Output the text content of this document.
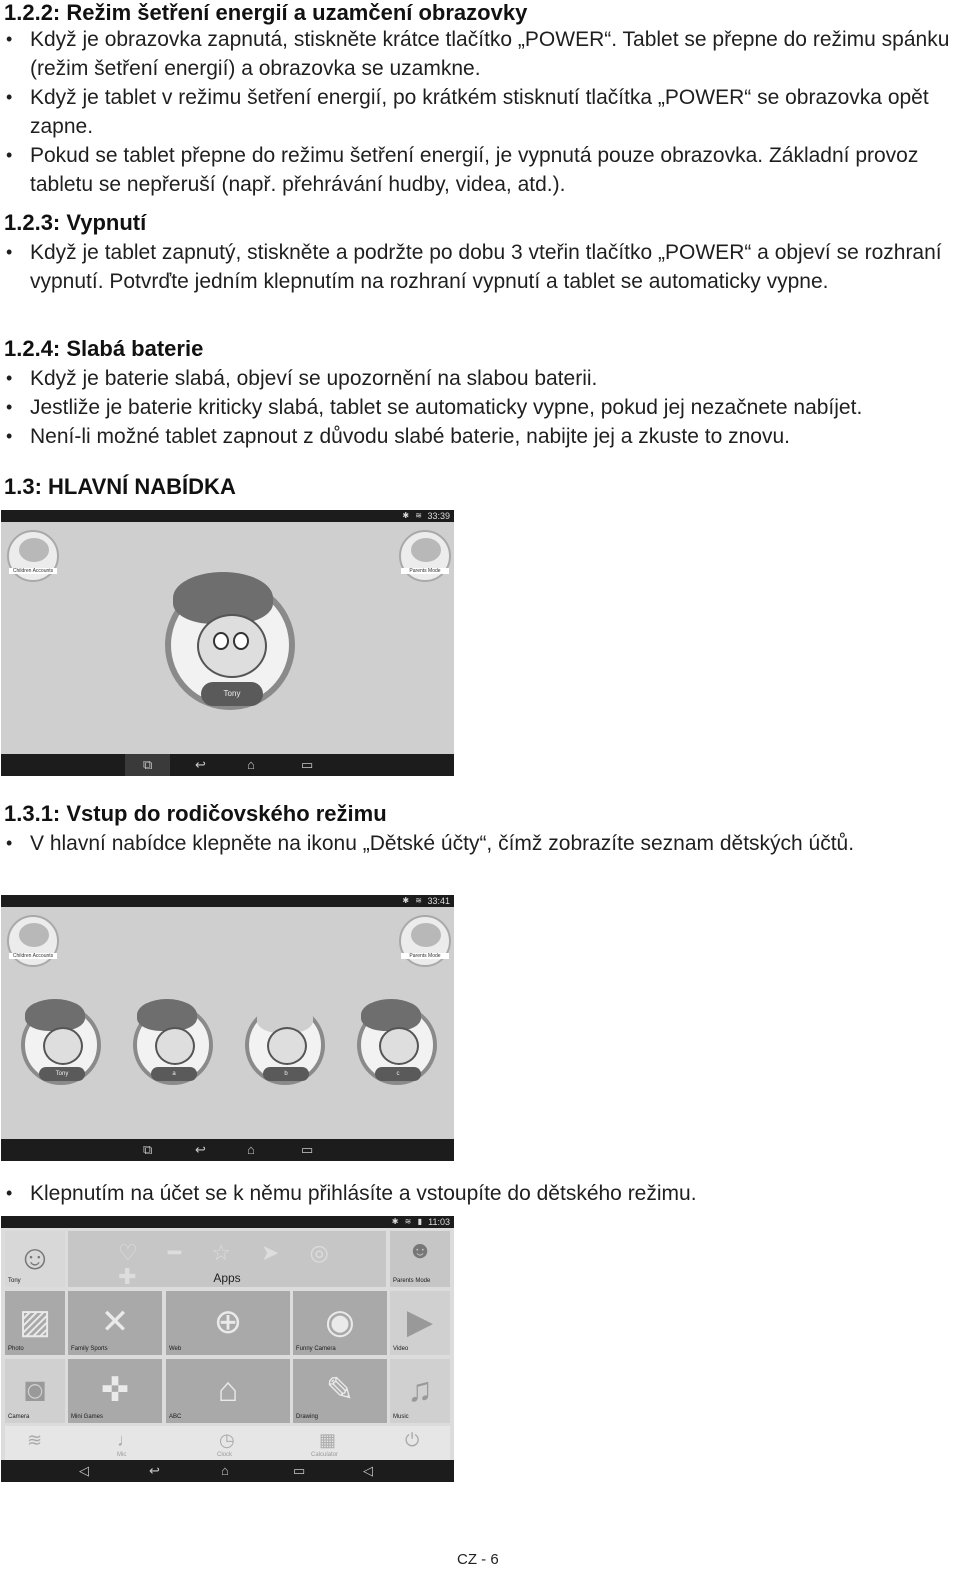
1.2.2: Režim šetření energií a uzamčení obrazovky
• Když je obrazovka zapnutá, stiskněte krátce tlačítko „POWER“. Tablet se přepne do režimu spánku (režim šetření energií) a obrazovka se uzamkne.
• Když je tablet v režimu šetření energií, po krátkém stisknutí tlačítka „POWER“ se obrazovka opět zapne.
• Pokud se tablet přepne do režimu šetření energií, je vypnutá pouze obrazovka. Základní provoz tabletu se nepřeruší (např. přehrávání hudby, videa, atd.).
1.2.3: Vypnutí
• Když je tablet zapnutý, stiskněte a podržte po dobu 3 vteřin tlačítko „POWER“ a objeví se rozhraní vypnutí. Potvrďte jedním klepnutím na rozhraní vypnutí a tablet se automaticky vypne.
1.2.4: Slabá baterie
• Když je baterie slabá, objeví se upozornění na slabou baterii.
• Jestliže je baterie kriticky slabá, tablet se automaticky vypne, pokud jej nezačnete nabíjet.
• Není-li možné tablet zapnout z důvodu slabé baterie, nabijte jej a zkuste to znovu.
1.3: HLAVNÍ NABÍDKA
✱ ≋ 33:39
Children Accounts	Parents Mode
Tony
⧉	↩	⌂	▭
1.3.1: Vstup do rodičovského režimu
• V hlavní nabídce klepněte na ikonu „Dětské účty“, čímž zobrazíte seznam dětských účtů.
✱ ≋ 33:41
Children Accounts	Parents Mode
Tony	a	b	c
⧉	↩	⌂	▭
• Klepnutím na účet se k němu přihlásíte a vstoupíte do dětského režimu.
✱ ≋ ▮ 11:03
☺
Tony
♡ ━ ☆ ➤ ◎ ✚	Apps
☻
Parents Mode
▨
Photo
✕
Family Sports
⊕
Web
◉
Funny Camera
▶
Video
◙
Camera
✜
Mini Games
⌂
ABC
✎
Drawing
♫
Music
≋	♩
Mic
◷
Clock
▦
Calculator
⏻
◁	↩	⌂	▭	◁
CZ - 6
